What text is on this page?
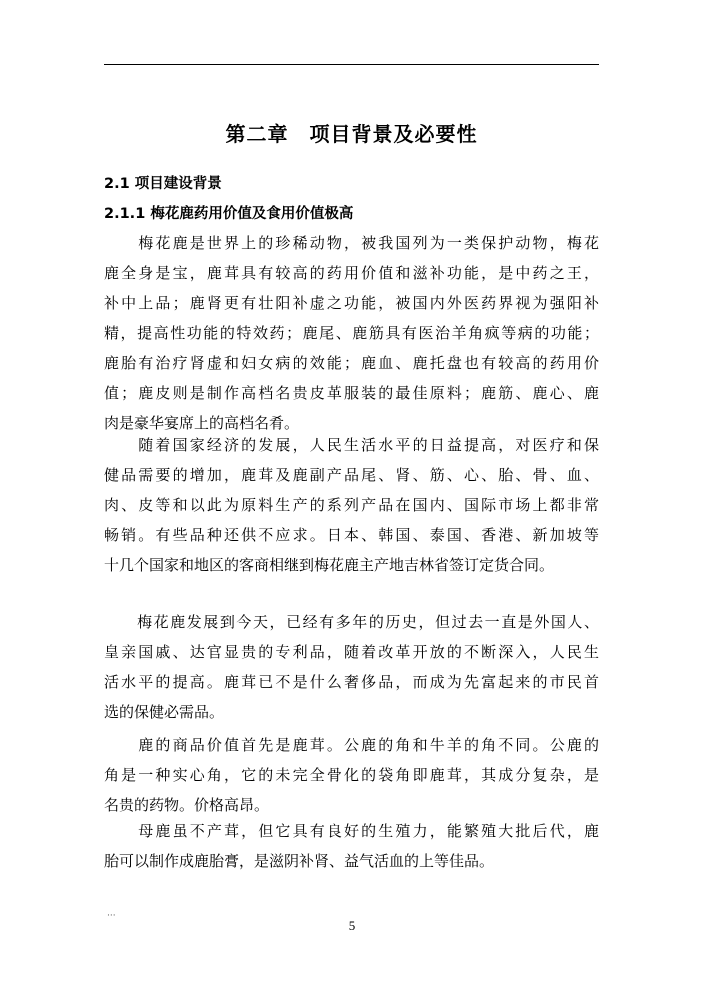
第二章　项目背景及必要性
2.1 项目建设背景
2.1.1 梅花鹿药用价值及食用价值极高
　　梅花鹿是世界上的珍稀动物，被我国列为一类保护动物，梅花
鹿全身是宝，鹿茸具有较高的药用价值和滋补功能，是中药之王，
补中上品；鹿肾更有壮阳补虚之功能，被国内外医药界视为强阳补
精，提高性功能的特效药；鹿尾、鹿筋具有医治羊角疯等病的功能；
鹿胎有治疗肾虚和妇女病的效能；鹿血、鹿托盘也有较高的药用价
值；鹿皮则是制作高档名贵皮革服装的最佳原料；鹿筋、鹿心、鹿
肉是豪华宴席上的高档名肴。
　　随着国家经济的发展，人民生活水平的日益提高，对医疗和保
健品需要的增加，鹿茸及鹿副产品尾、肾、筋、心、胎、骨、血、
肉、皮等和以此为原料生产的系列产品在国内、国际市场上都非常
畅销。有些品种还供不应求。日本、韩国、泰国、香港、新加坡等
十几个国家和地区的客商相继到梅花鹿主产地吉林省签订定货合同。
　　梅花鹿发展到今天，已经有多年的历史，但过去一直是外国人、
皇亲国戚、达官显贵的专利品，随着改革开放的不断深入，人民生
活水平的提高。鹿茸已不是什么奢侈品，而成为先富起来的市民首
选的保健必需品。
　　鹿的商品价值首先是鹿茸。公鹿的角和牛羊的角不同。公鹿的
角是一种实心角，它的未完全骨化的袋角即鹿茸，其成分复杂，是
名贵的药物。价格高昂。
　　母鹿虽不产茸，但它具有良好的生殖力，能繁殖大批后代，鹿
胎可以制作成鹿胎膏，是滋阴补肾、益气活血的上等佳品。
···
5
